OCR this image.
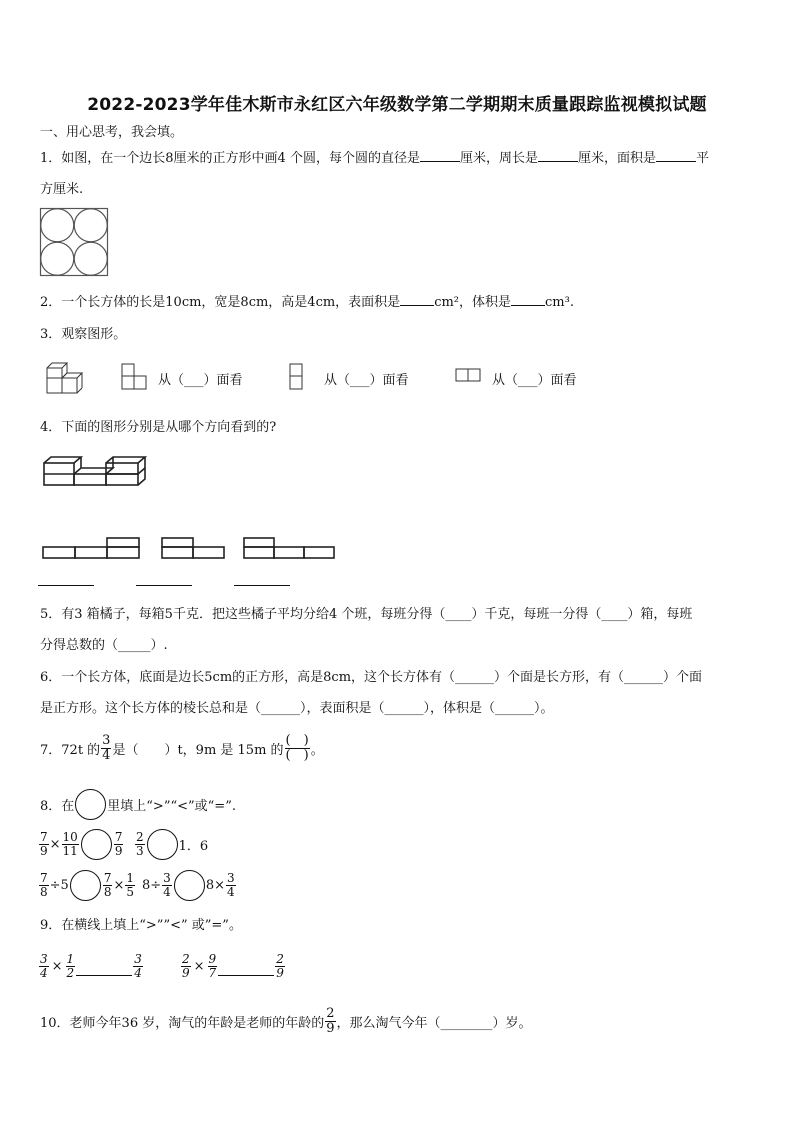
2022-2023学年佳木斯市永红区六年级数学第二学期期末质量跟踪监视模拟试题
一、用心思考，我会填。
1．如图，在一个边长8厘米的正方形中画4 个圆，每个圆的直径是	厘米，周长是	厘米，面积是	平
方厘米.
2．一个长方体的长是10cm，宽是8cm，高是4cm，表面积是	cm²，体积是	cm³.
3．观察图形。
从（___）面看	从（___）面看	从（___）面看
4．下面的图形分别是从哪个方向看到的?
5．有3 箱橘子，每箱5千克．把这些橘子平均分给4 个班，每班分得（____）千克，每班一分得（____）箱，每班
分得总数的（_____）.
6．一个长方体，底面是边长5cm的正方形，高是8cm，这个长方体有（______）个面是长方形，有（______）个面
是正方形。这个长方体的棱长总和是（______），表面积是（______），体积是（______）。
7．72t 的 $\frac{3}{4}$ 是（　　）t，9m 是 15m 的 $\frac{( )}{( )}$ 。
8．在	里填上“>”“<”或“=”.
$\frac{7}{9} \times \frac{10}{11}$	$\frac{7}{9} \frac{2}{3}$	1．6
$\frac{7}{8} \div 5$	$\frac{7}{8} \times \frac{1}{5} 8\div \frac{3}{4}$	$8\times \frac{3}{4}$
9．在横线上填上“>””<” 或”=”。
$\frac{3}{4} \times \frac{1}{2}$	$\frac{3}{4}$	$\frac{2}{9} \times \frac{9}{7}$	$\frac{2}{9}$
10．老师今年36 岁，淘气的年龄是老师的年龄的 $\frac{2}{9}$ ，那么淘气今年（________）岁。
